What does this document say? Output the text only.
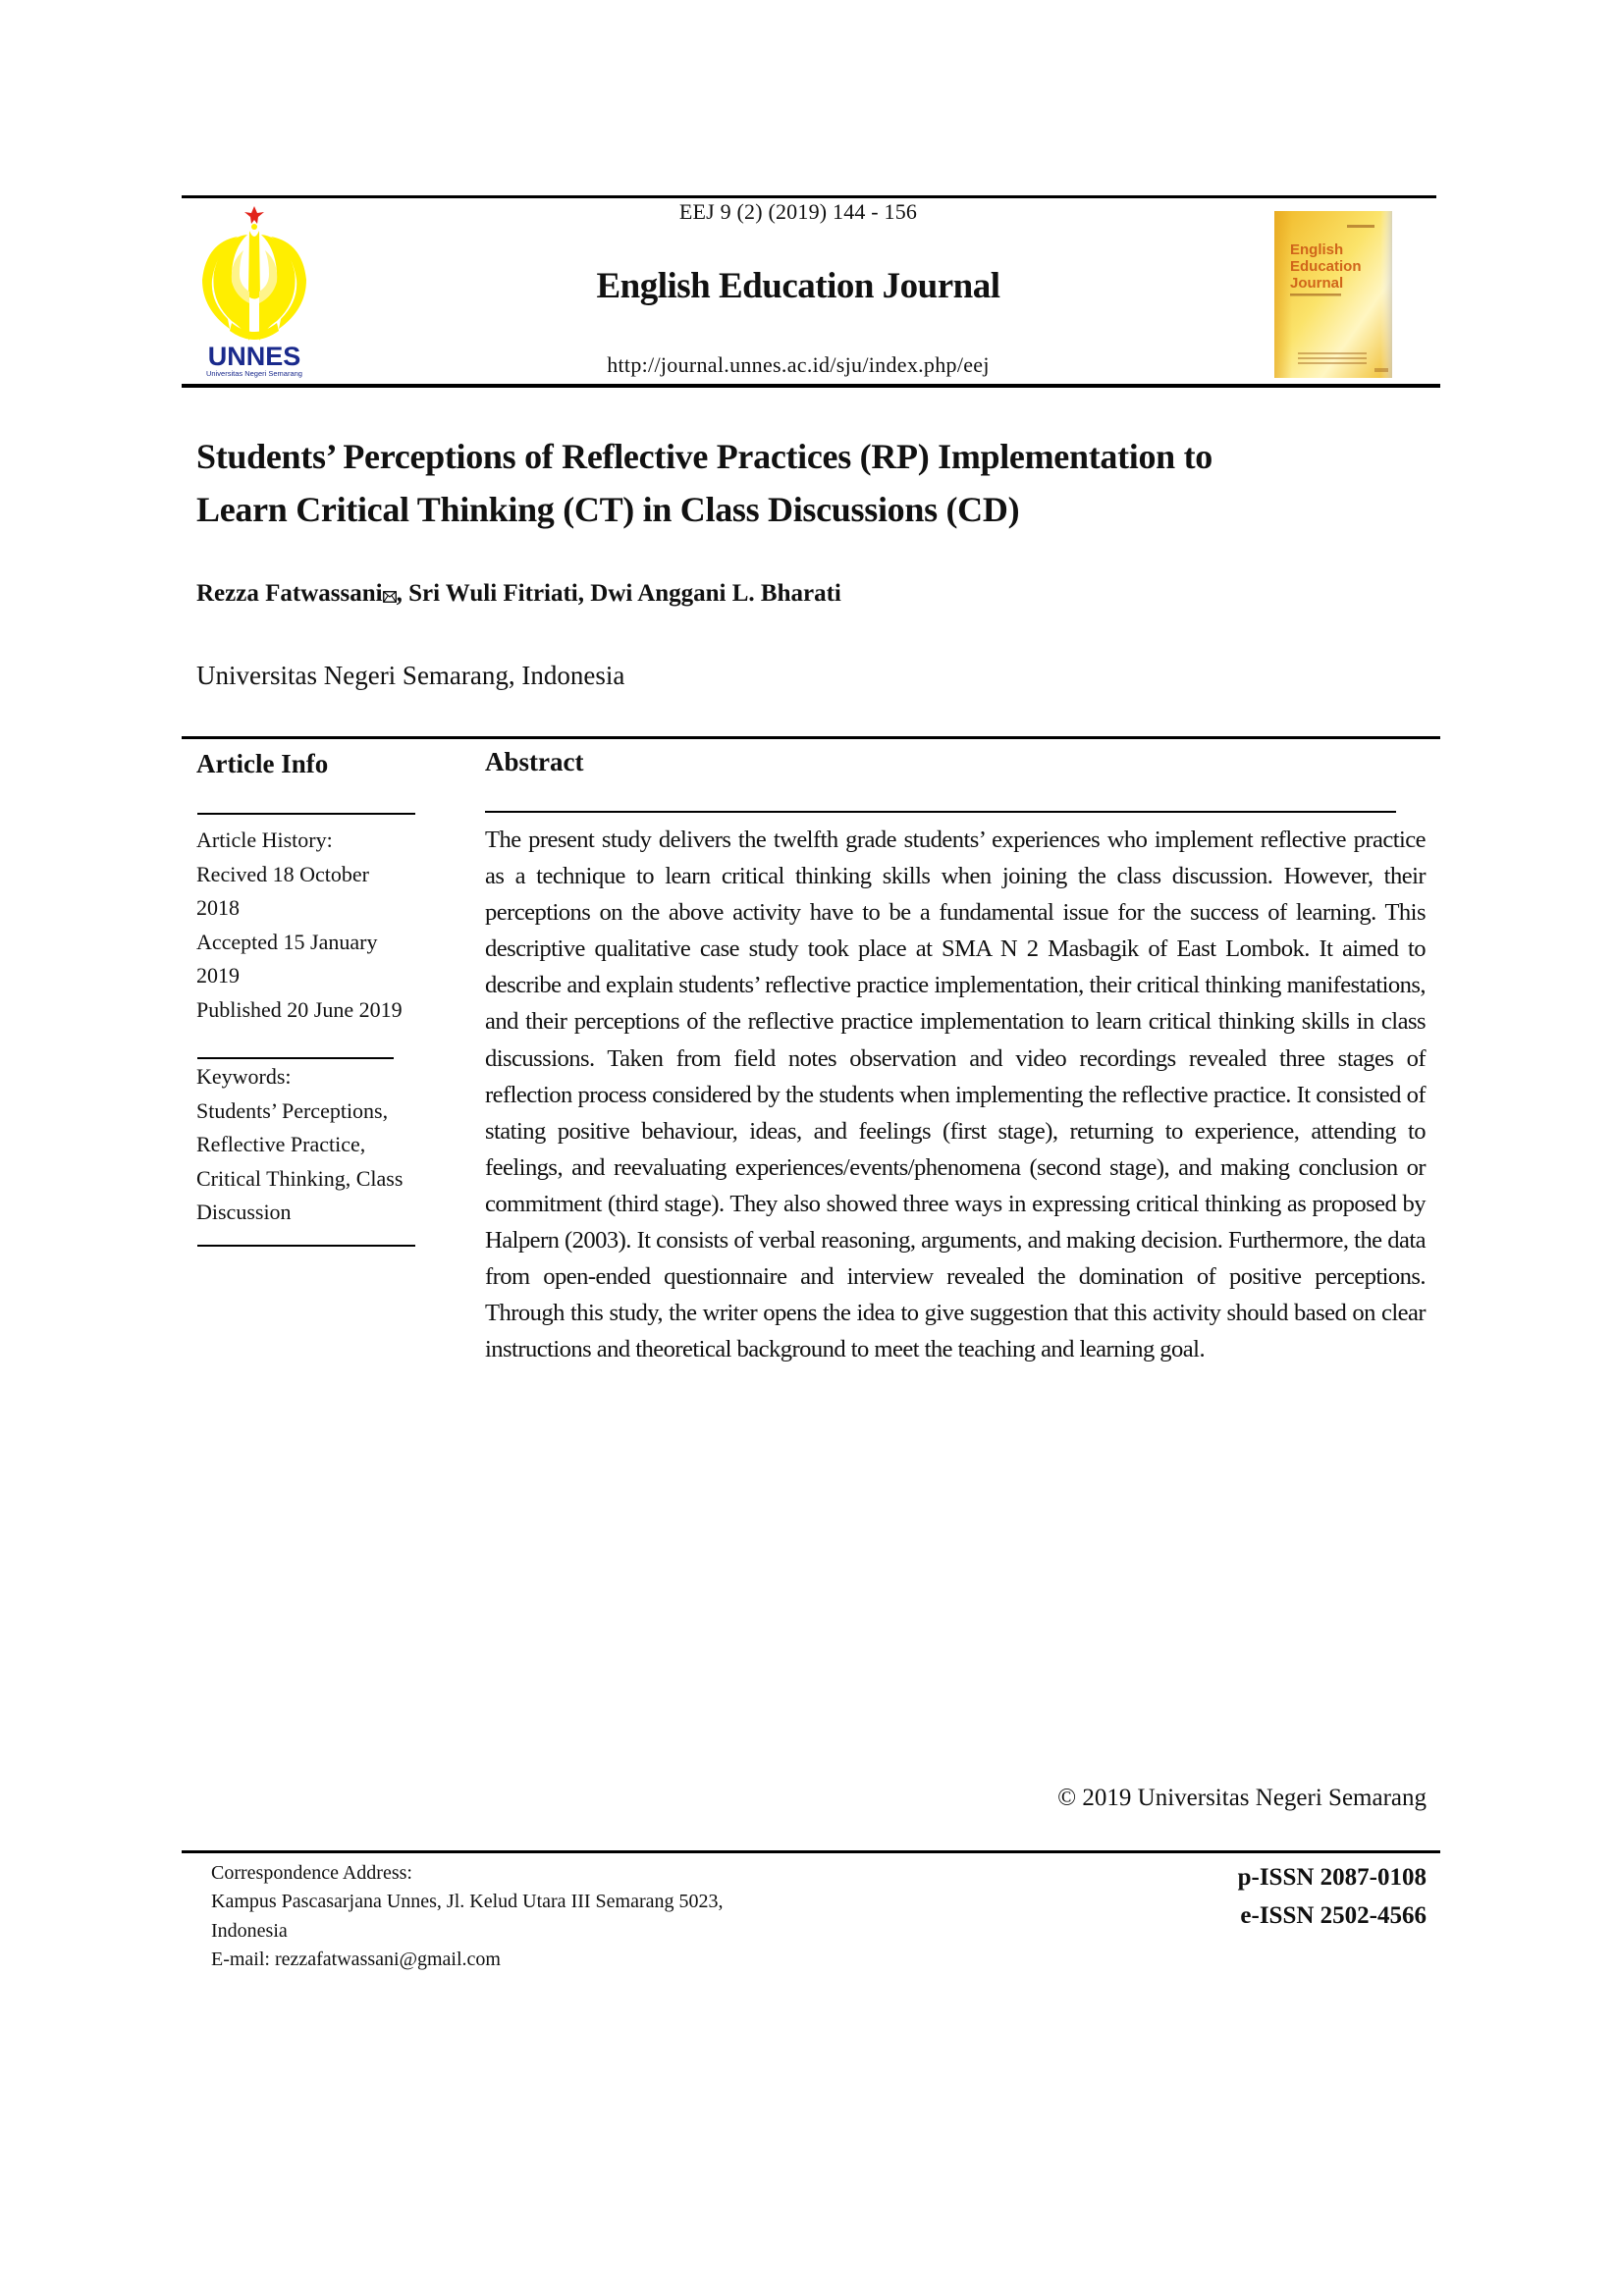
UNNES
Universitas Negeri Semarang
EEJ 9 (2) (2019) 144 - 156
English Education Journal
http://journal.unnes.ac.id/sju/index.php/eej
English
Education
Journal
Students’ Perceptions of Reflective Practices (RP) Implementation to
Learn Critical Thinking (CT) in Class Discussions (CD)
Rezza Fatwassani , Sri Wuli Fitriati, Dwi Anggani L. Bharati
Universitas Negeri Semarang, Indonesia
Article Info
Article History:
Recived 18 October
2018
Accepted 15 January
2019
Published 20 June 2019
Keywords:
Students’ Perceptions,
Reflective Practice,
Critical Thinking, Class
Discussion
Abstract
The present study delivers the twelfth grade students’ experiences who implement reflective practice as a technique to learn critical thinking skills when joining the class discussion. However, their perceptions on the above activity have to be a fundamental issue for the success of learning. This descriptive qualitative case study took place at SMA N 2 Masbagik of East Lombok. It aimed to describe and explain students’ reflective practice implementation, their critical thinking manifestations, and their perceptions of the reflective practice implementation to learn critical thinking skills in class discussions. Taken from field notes observation and video recordings revealed three stages of reflection process considered by the students when implementing the reflective practice. It consisted of stating positive behaviour, ideas, and feelings (first stage), returning to experience, attending to feelings, and reevaluating experiences/events/phenomena (second stage), and making conclusion or commitment (third stage). They also showed three ways in expressing critical thinking as proposed by Halpern (2003). It consists of verbal reasoning, arguments, and making decision. Furthermore, the data from open-ended questionnaire and interview revealed the domination of positive perceptions. Through this study, the writer opens the idea to give suggestion that this activity should based on clear instructions and theoretical background to meet the teaching and learning goal.
© 2019 Universitas Negeri Semarang
Correspondence Address:
Kampus Pascasarjana Unnes, Jl. Kelud Utara III Semarang 5023,
Indonesia
E-mail: rezzafatwassani@gmail.com
p-ISSN 2087-0108
e-ISSN 2502-4566
